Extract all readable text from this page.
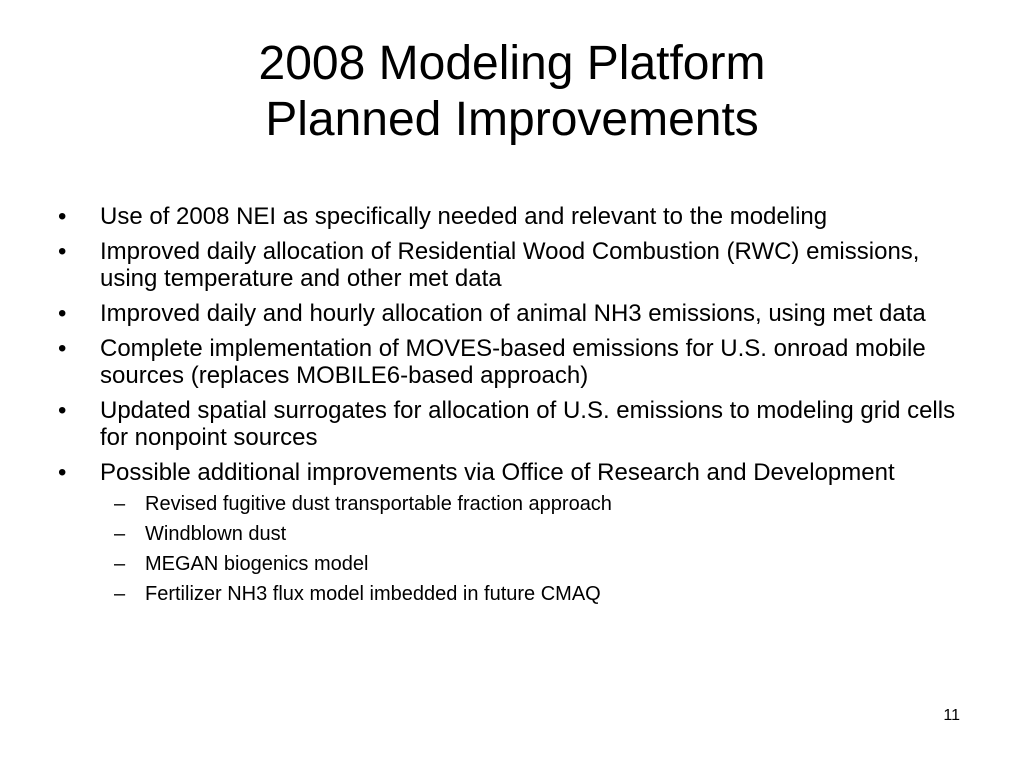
2008 Modeling Platform
Planned Improvements
• Use of 2008 NEI as specifically needed and relevant to the modeling
• Improved daily allocation of Residential Wood Combustion (RWC) emissions, using temperature and other met data
• Improved daily and hourly allocation of animal NH3 emissions, using met data
• Complete implementation of MOVES-based emissions for U.S. onroad mobile sources (replaces MOBILE6-based approach)
• Updated spatial surrogates for allocation of U.S. emissions to modeling grid cells for nonpoint sources
• Possible additional improvements via Office of Research and Development
– Revised fugitive dust transportable fraction approach
– Windblown dust
– MEGAN biogenics model
– Fertilizer NH3 flux model imbedded in future CMAQ
11
